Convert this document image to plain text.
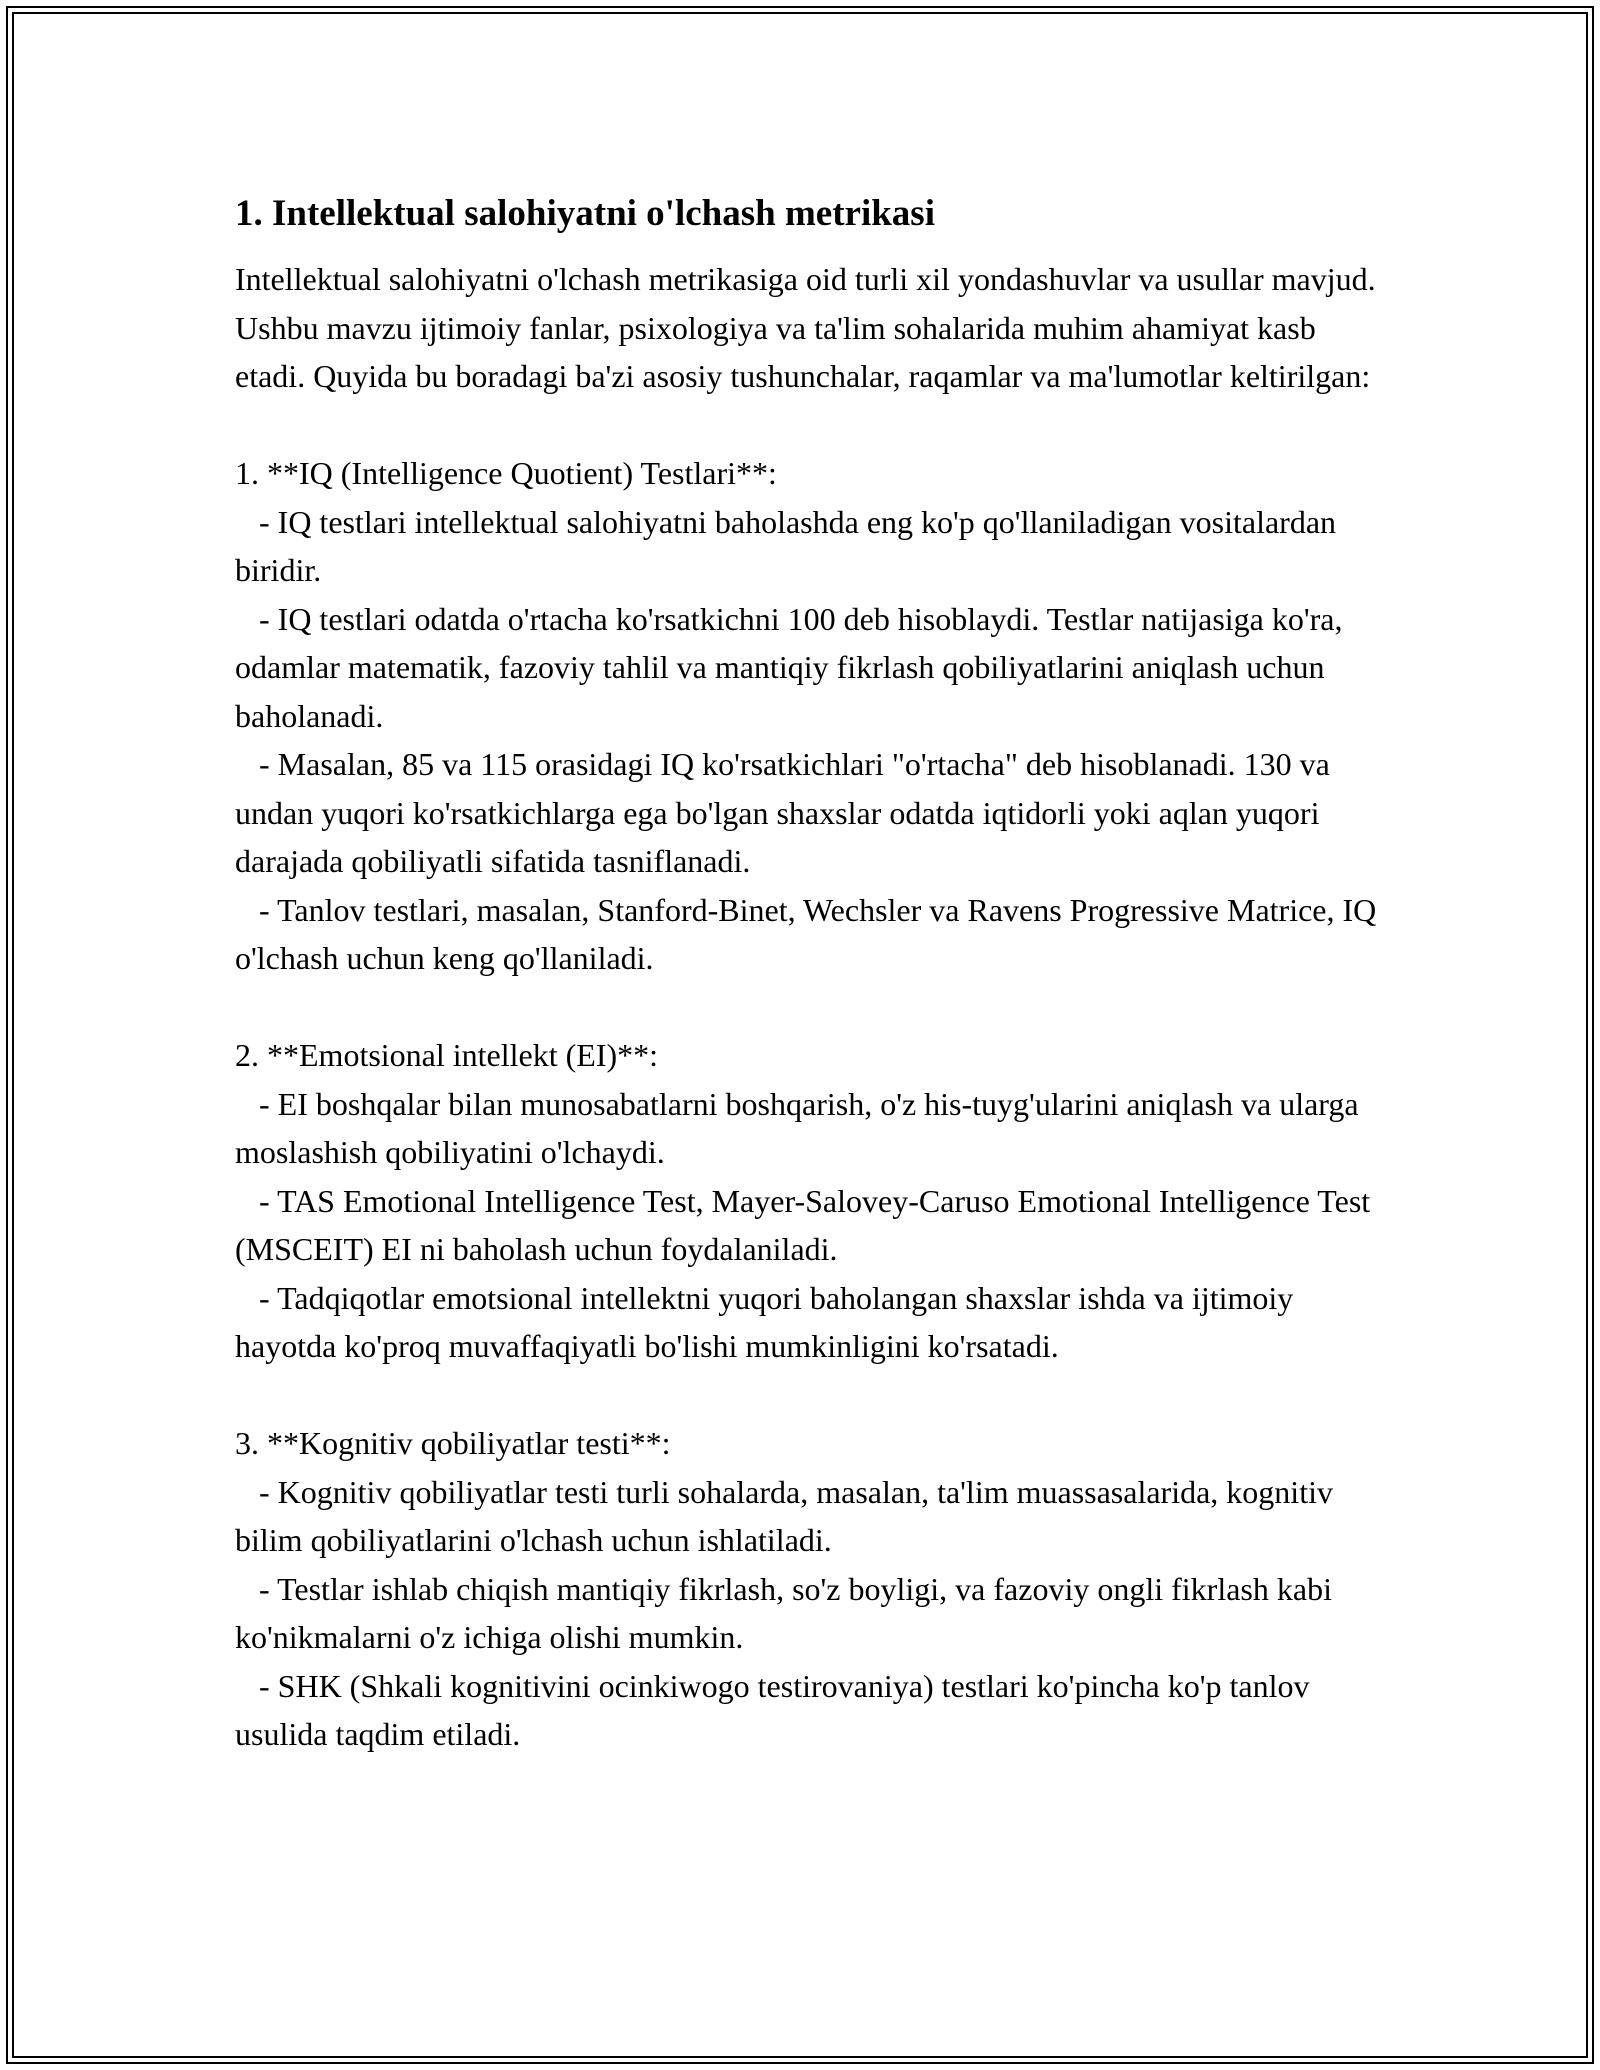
1. Intellektual salohiyatni o'lchash metrikasi

Intellektual salohiyatni o'lchash metrikasiga oid turli xil yondashuvlar va usullar mavjud. Ushbu mavzu ijtimoiy fanlar, psixologiya va ta'lim sohalarida muhim ahamiyat kasb etadi. Quyida bu boradagi ba'zi asosiy tushunchalar, raqamlar va ma'lumotlar keltirilgan:

1. **IQ (Intelligence Quotient) Testlari**:

- IQ testlari intellektual salohiyatni baholashda eng ko'p qo'llaniladigan vositalardan biridir.

- IQ testlari odatda o'rtacha ko'rsatkichni 100 deb hisoblaydi. Testlar natijasiga ko'ra, odamlar matematik, fazoviy tahlil va mantiqiy fikrlash qobiliyatlarini aniqlash uchun baholanadi.

- Masalan, 85 va 115 orasidagi IQ ko'rsatkichlari "o'rtacha" deb hisoblanadi. 130 va undan yuqori ko'rsatkichlarga ega bo'lgan shaxslar odatda iqtidorli yoki aqlan yuqori darajada qobiliyatli sifatida tasniflanadi.

- Tanlov testlari, masalan, Stanford-Binet, Wechsler va Ravens Progressive Matrice, IQ o'lchash uchun keng qo'llaniladi.

2. **Emotsional intellekt (EI)**:

- EI boshqalar bilan munosabatlarni boshqarish, o'z his-tuyg'ularini aniqlash va ularga moslashish qobiliyatini o'lchaydi.

- TAS Emotional Intelligence Test, Mayer-Salovey-Caruso Emotional Intelligence Test (MSCEIT) EI ni baholash uchun foydalaniladi.

- Tadqiqotlar emotsional intellektni yuqori baholangan shaxslar ishda va ijtimoiy hayotda ko'proq muvaffaqiyatli bo'lishi mumkinligini ko'rsatadi.

3. **Kognitiv qobiliyatlar testi**:

- Kognitiv qobiliyatlar testi turli sohalarda, masalan, ta'lim muassasalarida, kognitiv bilim qobiliyatlarini o'lchash uchun ishlatiladi.

- Testlar ishlab chiqish mantiqiy fikrlash, so'z boyligi, va fazoviy ongli fikrlash kabi ko'nikmalarni o'z ichiga olishi mumkin.

- SHK (Shkali kognitivini ocinkiwogo testirovaniya) testlari ko'pincha ko'p tanlov usulida taqdim etiladi.
